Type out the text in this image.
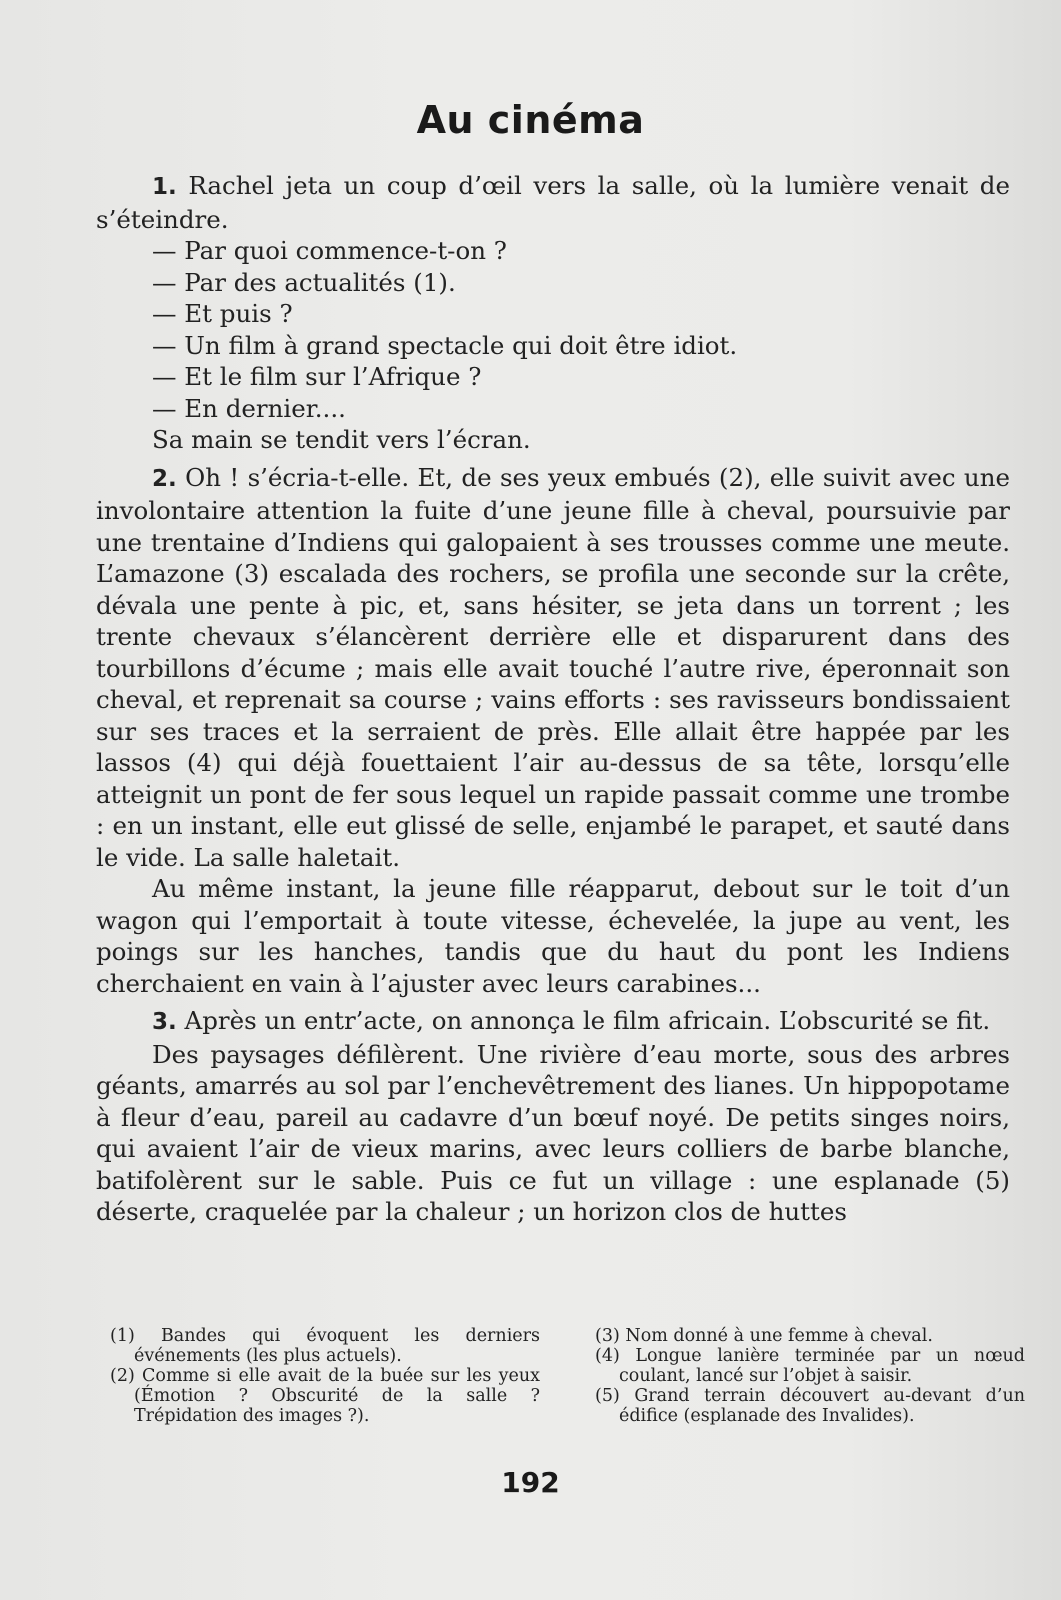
Au cinéma

1. Rachel jeta un coup d’œil vers la salle, où la lumière venait de s’éteindre.

— Par quoi commence-t-on ?

— Par des actualités (1).

— Et puis ?

— Un film à grand spectacle qui doit être idiot.

— Et le film sur l’Afrique ?

— En dernier....

Sa main se tendit vers l’écran.

2. Oh ! s’écria-t-elle. Et, de ses yeux embués (2), elle suivit avec une involontaire attention la fuite d’une jeune fille à cheval, poursuivie par une trentaine d’Indiens qui galopaient à ses trousses comme une meute. L’amazone (3) escalada des rochers, se profila une seconde sur la crête, dévala une pente à pic, et, sans hésiter, se jeta dans un torrent ; les trente chevaux s’élancèrent derrière elle et disparurent dans des tourbillons d’écume ; mais elle avait touché l’autre rive, éperonnait son cheval, et reprenait sa course ; vains efforts : ses ravisseurs bondissaient sur ses traces et la serraient de près. Elle allait être happée par les lassos (4) qui déjà fouettaient l’air au-dessus de sa tête, lorsqu’elle atteignit un pont de fer sous lequel un rapide passait comme une trombe : en un instant, elle eut glissé de selle, enjambé le parapet, et sauté dans le vide. La salle haletait.

Au même instant, la jeune fille réapparut, debout sur le toit d’un wagon qui l’emportait à toute vitesse, échevelée, la jupe au vent, les poings sur les hanches, tandis que du haut du pont les Indiens cherchaient en vain à l’ajuster avec leurs carabines...

3. Après un entr’acte, on annonça le film africain. L’obscurité se fit.

Des paysages défilèrent. Une rivière d’eau morte, sous des arbres géants, amarrés au sol par l’enchevêtrement des lianes. Un hippopotame à fleur d’eau, pareil au cadavre d’un bœuf noyé. De petits singes noirs, qui avaient l’air de vieux marins, avec leurs colliers de barbe blanche, batifolèrent sur le sable. Puis ce fut un village : une esplanade (5) déserte, craquelée par la chaleur ; un horizon clos de huttes

(1) Bandes qui évoquent les derniers événements (les plus actuels).

(2) Comme si elle avait de la buée sur les yeux (Émotion ? Obscurité de la salle ? Trépidation des images ?).

(3) Nom donné à une femme à cheval.

(4) Longue lanière terminée par un nœud coulant, lancé sur l’objet à saisir.

(5) Grand terrain découvert au-devant d’un édifice (esplanade des Invalides).

192
